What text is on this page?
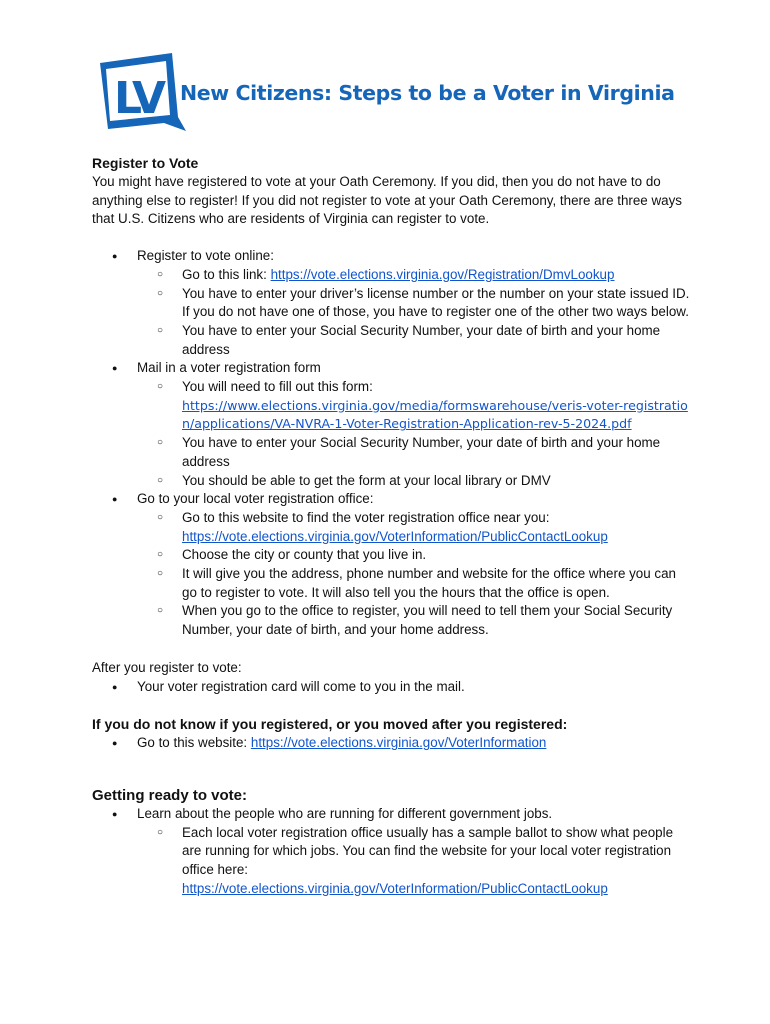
LV New Citizens: Steps to be a Voter in Virginia
Register to Vote

You might have registered to vote at your Oath Ceremony. If you did, then you do not have to do anything else to register! If you did not register to vote at your Oath Ceremony, there are three ways that U.S. Citizens who are residents of Virginia can register to vote.

● Register to vote online:
○ Go to this link: https://vote.elections.virginia.gov/Registration/DmvLookup
○ You have to enter your driver’s license number or the number on your state issued ID. If you do not have one of those, you have to register one of the other two ways below.
○ You have to enter your Social Security Number, your date of birth and your home address
● Mail in a voter registration form
○ You will need to fill out this form:
https://www.elections.virginia.gov/media/formswarehouse/veris-voter-registration/applications/VA-NVRA-1-Voter-Registration-Application-rev-5-2024.pdf
○ You have to enter your Social Security Number, your date of birth and your home address
○ You should be able to get the form at your local library or DMV
● Go to your local voter registration office:
○ Go to this website to find the voter registration office near you:
https://vote.elections.virginia.gov/VoterInformation/PublicContactLookup
○ Choose the city or county that you live in.
○ It will give you the address, phone number and website for the office where you can go to register to vote. It will also tell you the hours that the office is open.
○ When you go to the office to register, you will need to tell them your Social Security Number, your date of birth, and your home address.

After you register to vote:

● Your voter registration card will come to you in the mail.
If you do not know if you registered, or you moved after you registered:
● Go to this website: https://vote.elections.virginia.gov/VoterInformation
Getting ready to vote:
● Learn about the people who are running for different government jobs.
○ Each local voter registration office usually has a sample ballot to show what people are running for which jobs. You can find the website for your local voter registration office here:
https://vote.elections.virginia.gov/VoterInformation/PublicContactLookup
